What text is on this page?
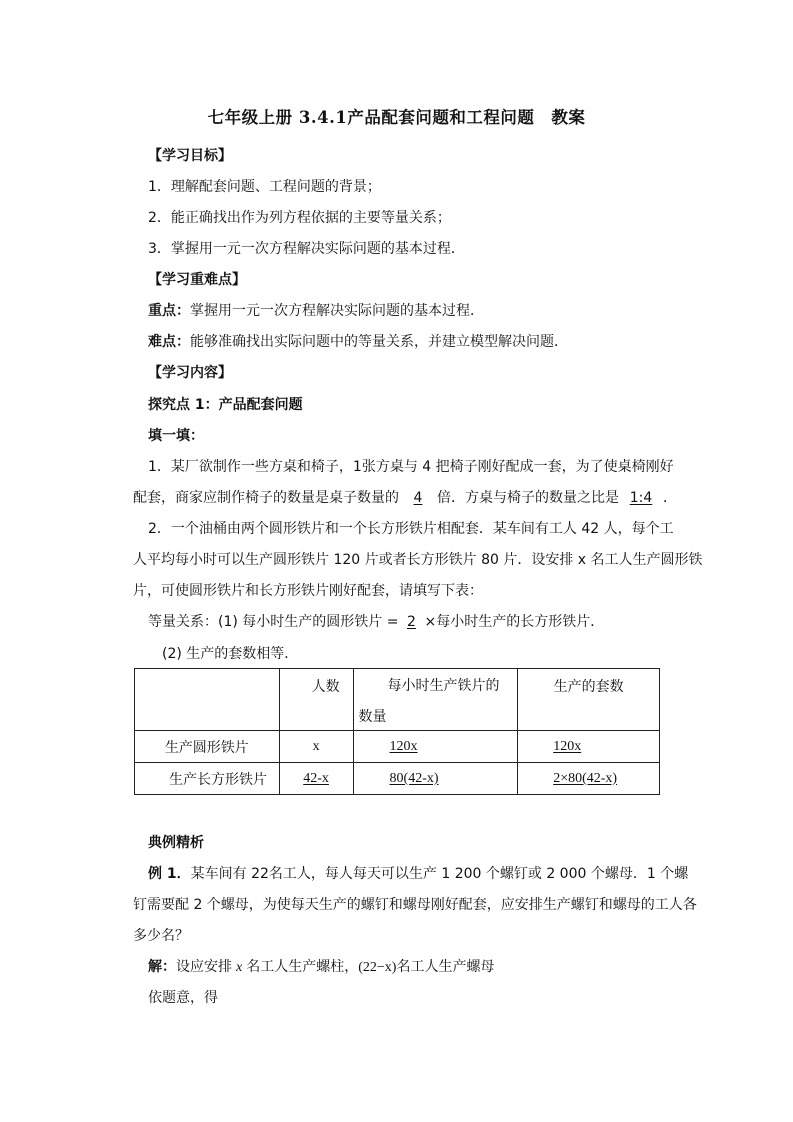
七年级上册 3.4.1产品配套问题和工程问题　教案
【学习目标】
1．理解配套问题、工程问题的背景；
2．能正确找出作为列方程依据的主要等量关系；
3．掌握用一元一次方程解决实际问题的基本过程．
【学习重难点】
重点：掌握用一元一次方程解决实际问题的基本过程．
难点：能够准确找出实际问题中的等量关系，并建立模型解决问题．
【学习内容】
探究点 1：产品配套问题
填一填：
1．某厂欲制作一些方桌和椅子，1张方桌与 4 把椅子刚好配成一套，为了使桌椅刚好
配套，商家应制作椅子的数量是桌子数量的 4 倍．方桌与椅子的数量之比是 1:4 ．
2．一个油桶由两个圆形铁片和一个长方形铁片相配套．某车间有工人 42 人，每个工
人平均每小时可以生产圆形铁片 120 片或者长方形铁片 80 片．设安排 x 名工人生产圆形铁
片，可使圆形铁片和长方形铁片刚好配套，请填写下表：
等量关系：(1) 每小时生产的圆形铁片 = 2 ×每小时生产的长方形铁片．
(2) 生产的套数相等．
	人数	每小时生产铁片的
数量	生产的套数
生产圆形铁片	x	120x	120x
生产长方形铁片	42-x	80(42-x)	2×80(42-x)
典例精析
例 1．某车间有 22名工人，每人每天可以生产 1 200 个螺钉或 2 000 个螺母．1 个螺
钉需要配 2 个螺母，为使每天生产的螺钉和螺母刚好配套，应安排生产螺钉和螺母的工人各
多少名？
解：设应安排 x 名工人生产螺柱，(22−x)名工人生产螺母
依题意，得
